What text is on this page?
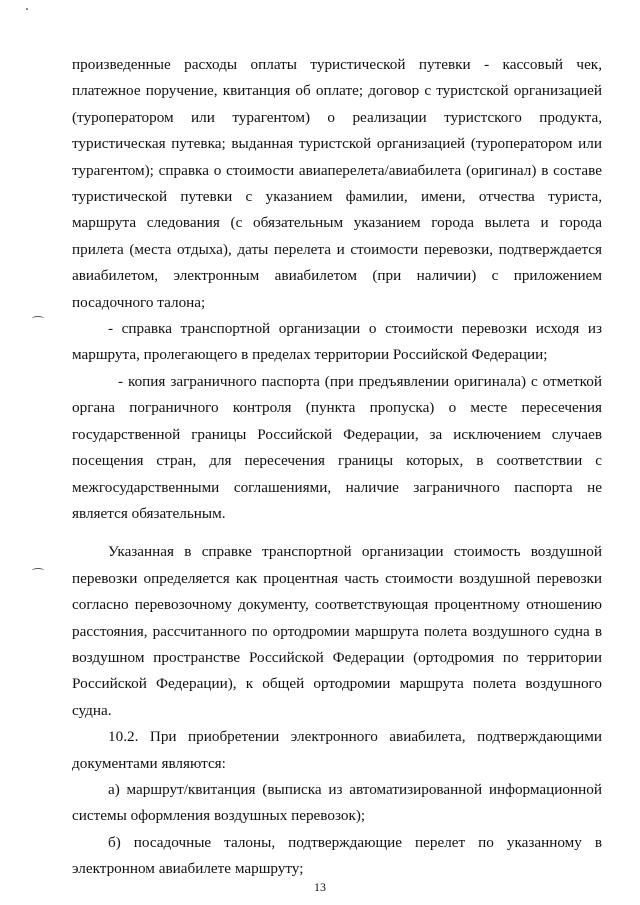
произведенные расходы оплаты туристической путевки - кассовый чек, платежное поручение, квитанция об оплате; договор с туристской организацией (туроператором или турагентом) о реализации туристского продукта, туристическая путевка; выданная туристской организацией (туроператором или турагентом); справка о стоимости авиаперелета/авиабилета (оригинал) в составе туристической путевки с указанием фамилии, имени, отчества туриста, маршрута следования (с обязательным указанием города вылета и города прилета (места отдыха), даты перелета и стоимости перевозки, подтверждается авиабилетом, электронным авиабилетом (при наличии) с приложением посадочного талона;

- справка транспортной организации о стоимости перевозки исходя из маршрута, пролегающего в пределах территории Российской Федерации;

- копия заграничного паспорта (при предъявлении оригинала) с отметкой органа пограничного контроля (пункта пропуска) о месте пересечения государственной границы Российской Федерации, за исключением случаев посещения стран, для пересечения границы которых, в соответствии с межгосударственными соглашениями, наличие заграничного паспорта не является обязательным.

Указанная в справке транспортной организации стоимость воздушной перевозки определяется как процентная часть стоимости воздушной перевозки согласно перевозочному документу, соответствующая процентному отношению расстояния, рассчитанного по ортодромии маршрута полета воздушного судна в воздушном пространстве Российской Федерации (ортодромия по территории Российской Федерации), к общей ортодромии маршрута полета воздушного судна.

10.2. При приобретении электронного авиабилета, подтверждающими документами являются:

а) маршрут/квитанция (выписка из автоматизированной информационной системы оформления воздушных перевозок);

б) посадочные талоны, подтверждающие перелет по указанному в электронном авиабилете маршруту;

13
